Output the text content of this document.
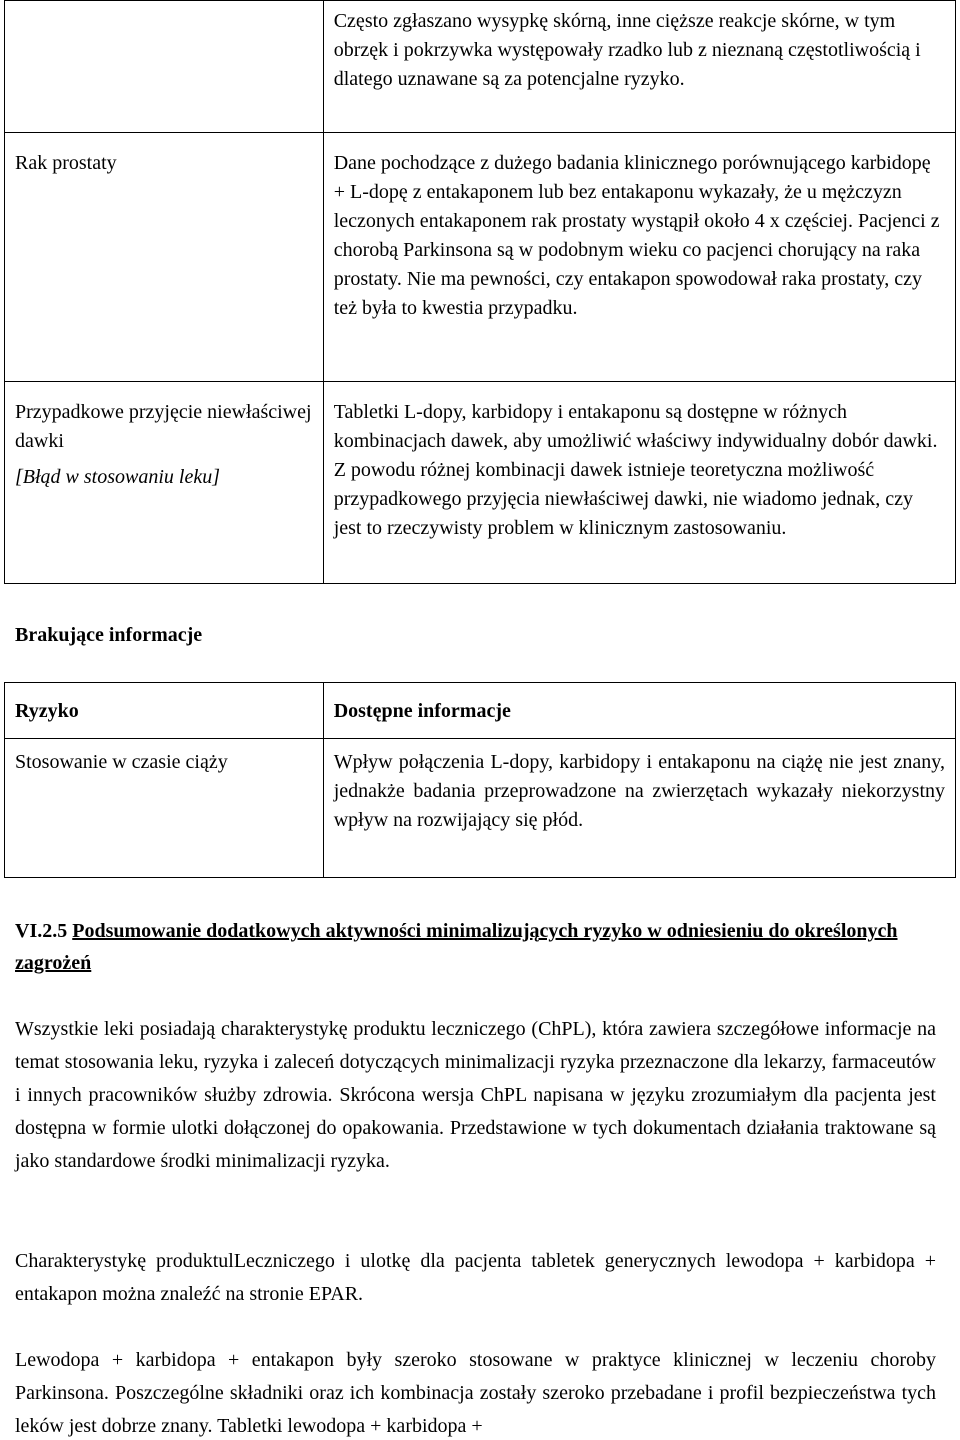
	Często zgłaszano wysypkę skórną, inne cięższe reakcje skórne, w tym obrzęk i pokrzywka występowały rzadko lub z nieznaną częstotliwością i dlatego uznawane są za potencjalne ryzyko.
Rak prostaty	Dane pochodzące z dużego badania klinicznego porównującego karbidopę + L-dopę z entakaponem lub bez entakaponu wykazały, że u mężczyzn leczonych entakaponem rak prostaty wystąpił około 4 x częściej. Pacjenci z chorobą Parkinsona są w podobnym wieku co pacjenci chorujący na raka prostaty. Nie ma pewności, czy entakapon spowodował raka prostaty, czy też była to kwestia przypadku.

Przypadkowe przyjęcie niewłaściwej dawki
[Błąd w stosowaniu leku]	Tabletki L-dopy, karbidopy i entakaponu są dostępne w różnych kombinacjach dawek, aby umożliwić właściwy indywidualny dobór dawki. Z powodu różnej kombinacji dawek istnieje teoretyczna możliwość przypadkowego przyjęcia niewłaściwej dawki, nie wiadomo jednak, czy jest to rzeczywisty problem w klinicznym zastosowaniu.
Brakujące informacje
Ryzyko	Dostępne informacje
Stosowanie w czasie ciąży	Wpływ połączenia L-dopy, karbidopy i entakaponu na ciążę nie jest znany, jednakże badania przeprowadzone na zwierzętach wykazały niekorzystny wpływ na rozwijający się płód.
VI.2.5 Podsumowanie dodatkowych aktywności minimalizujących ryzyko w odniesieniu do określonych zagrożeń

Wszystkie leki posiadają charakterystykę produktu leczniczego (ChPL), która zawiera szczegółowe informacje na temat stosowania leku, ryzyka i zaleceń dotyczących minimalizacji ryzyka przeznaczone dla lekarzy, farmaceutów i innych pracowników służby zdrowia. Skrócona wersja ChPL napisana w języku zrozumiałym dla pacjenta jest dostępna w formie ulotki dołączonej do opakowania. Przedstawione w tych dokumentach działania traktowane są jako standardowe środki minimalizacji ryzyka.

Charakterystykę produktulLeczniczego i ulotkę dla pacjenta tabletek generycznych lewodopa + karbidopa + entakapon można znaleźć na stronie EPAR.

Lewodopa + karbidopa + entakapon były szeroko stosowane w praktyce klinicznej w leczeniu choroby Parkinsona. Poszczególne składniki oraz ich kombinacja zostały szeroko przebadane i profil bezpieczeństwa tych leków jest dobrze znany. Tabletki lewodopa + karbidopa +
